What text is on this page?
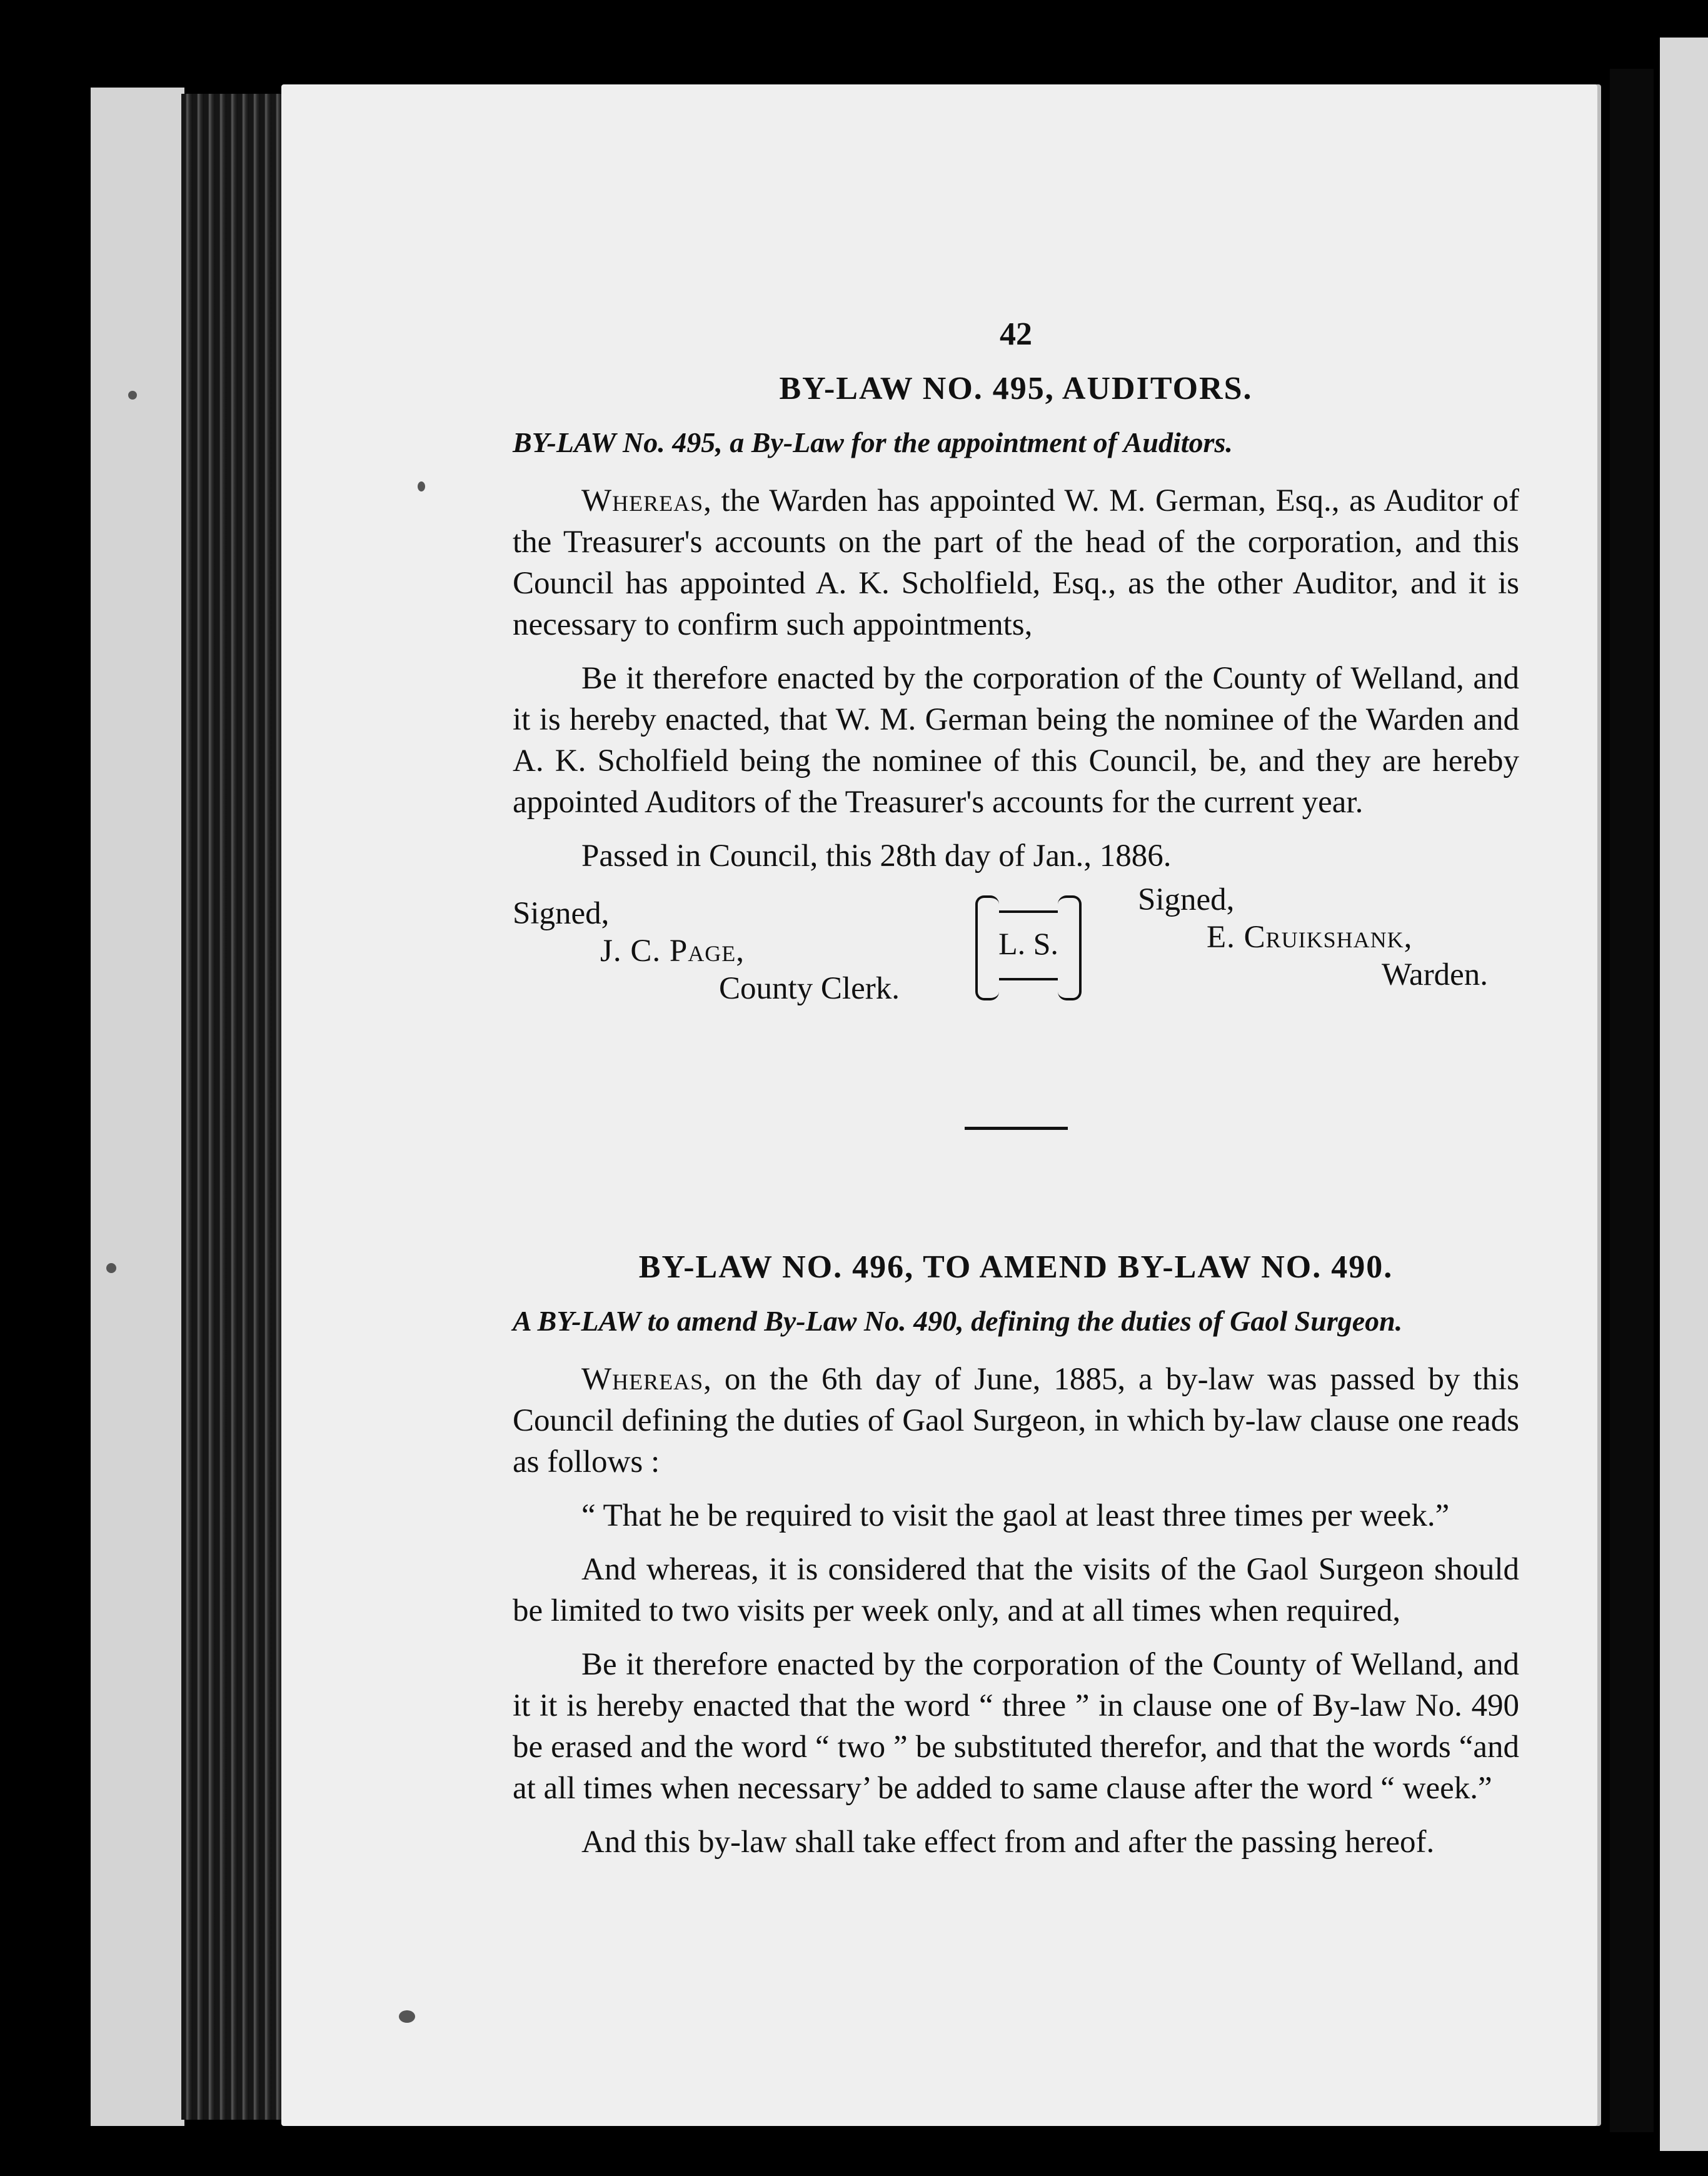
42
BY-LAW NO. 495, AUDITORS.
BY-LAW No. 495, a By-Law for the appointment of Auditors.

Whereas, the Warden has appointed W. M. German, Esq., as Auditor of the Treasurer's accounts on the part of the head of the corporation, and this Council has appointed A. K. Scholfield, Esq., as the other Auditor, and it is necessary to confirm such appointments,

Be it therefore enacted by the corporation of the County of Welland, and it is hereby enacted, that W. M. German being the nominee of the Warden and A. K. Scholfield being the nominee of this Council, be, and they are hereby appointed Auditors of the Treasurer's accounts for the current year.

Passed in Council, this 28th day of Jan., 1886.

Signed,
J. C. Page,
County Clerk.
L. S.
Signed,
E. Cruikshank,
Warden.
BY-LAW NO. 496, TO AMEND BY-LAW NO. 490.
A BY-LAW to amend By-Law No. 490, defining the duties of Gaol Surgeon.

Whereas, on the 6th day of June, 1885, a by-law was passed by this Council defining the duties of Gaol Surgeon, in which by-law clause one reads as follows :

“ That he be required to visit the gaol at least three times per week.”

And whereas, it is considered that the visits of the Gaol Surgeon should be limited to two visits per week only, and at all times when required,

Be it therefore enacted by the corporation of the County of Welland, and it it is hereby enacted that the word “ three ” in clause one of By-law No. 490 be erased and the word “ two ” be substituted therefor, and that the words “and at all times when necessary’ be added to same clause after the word “ week.”

And this by-law shall take effect from and after the passing hereof.
